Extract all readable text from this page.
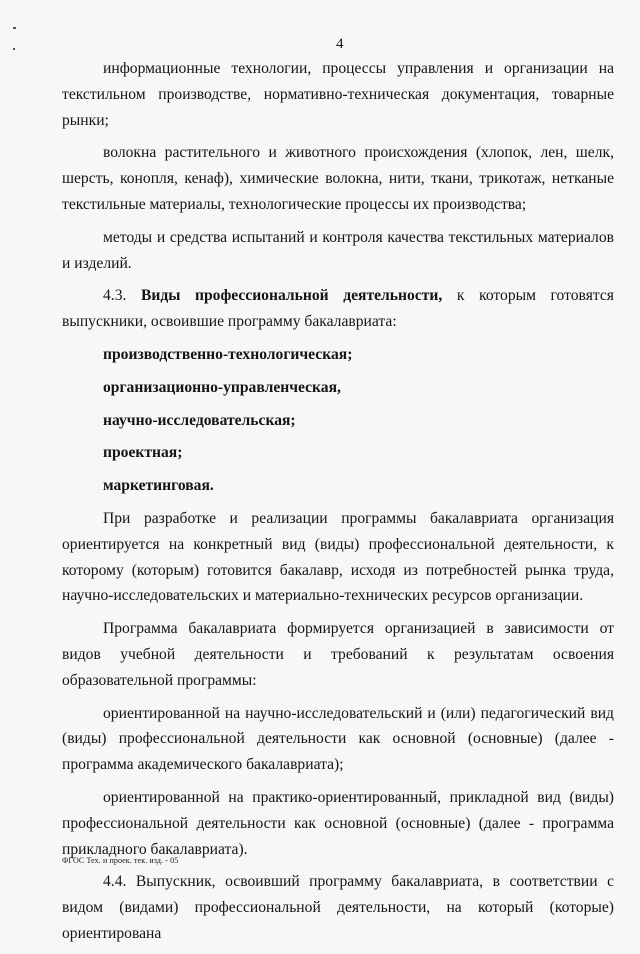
4

информационные технологии, процессы управления и организации на текстильном производстве, нормативно-техническая документация, товарные рынки;

волокна растительного и животного происхождения (хлопок, лен, шелк, шерсть, конопля, кенаф), химические волокна, нити, ткани, трикотаж, нетканые текстильные материалы, технологические процессы их производства;

методы и средства испытаний и контроля качества текстильных материалов и изделий.

4.3. Виды профессиональной деятельности, к которым готовятся выпускники, освоившие программу бакалавриата:

производственно-технологическая;
организационно-управленческая,
научно-исследовательская;
проектная;
маркетинговая.

При разработке и реализации программы бакалавриата организация ориентируется на конкретный вид (виды) профессиональной деятельности, к которому (которым) готовится бакалавр, исходя из потребностей рынка труда, научно-исследовательских и материально-технических ресурсов организации.

Программа бакалавриата формируется организацией в зависимости от видов учебной деятельности и требований к результатам освоения образовательной программы:

ориентированной на научно-исследовательский и (или) педагогический вид (виды) профессиональной деятельности как основной (основные) (далее - программа академического бакалавриата);

ориентированной на практико-ориентированный, прикладной вид (виды) профессиональной деятельности как основной (основные) (далее - программа прикладного бакалавриата).

4.4. Выпускник, освоивший программу бакалавриата, в соответствии с видом (видами) профессиональной деятельности, на который (которые) ориентирована

ФГОС Тех. и проек. тек. изд. - 05
